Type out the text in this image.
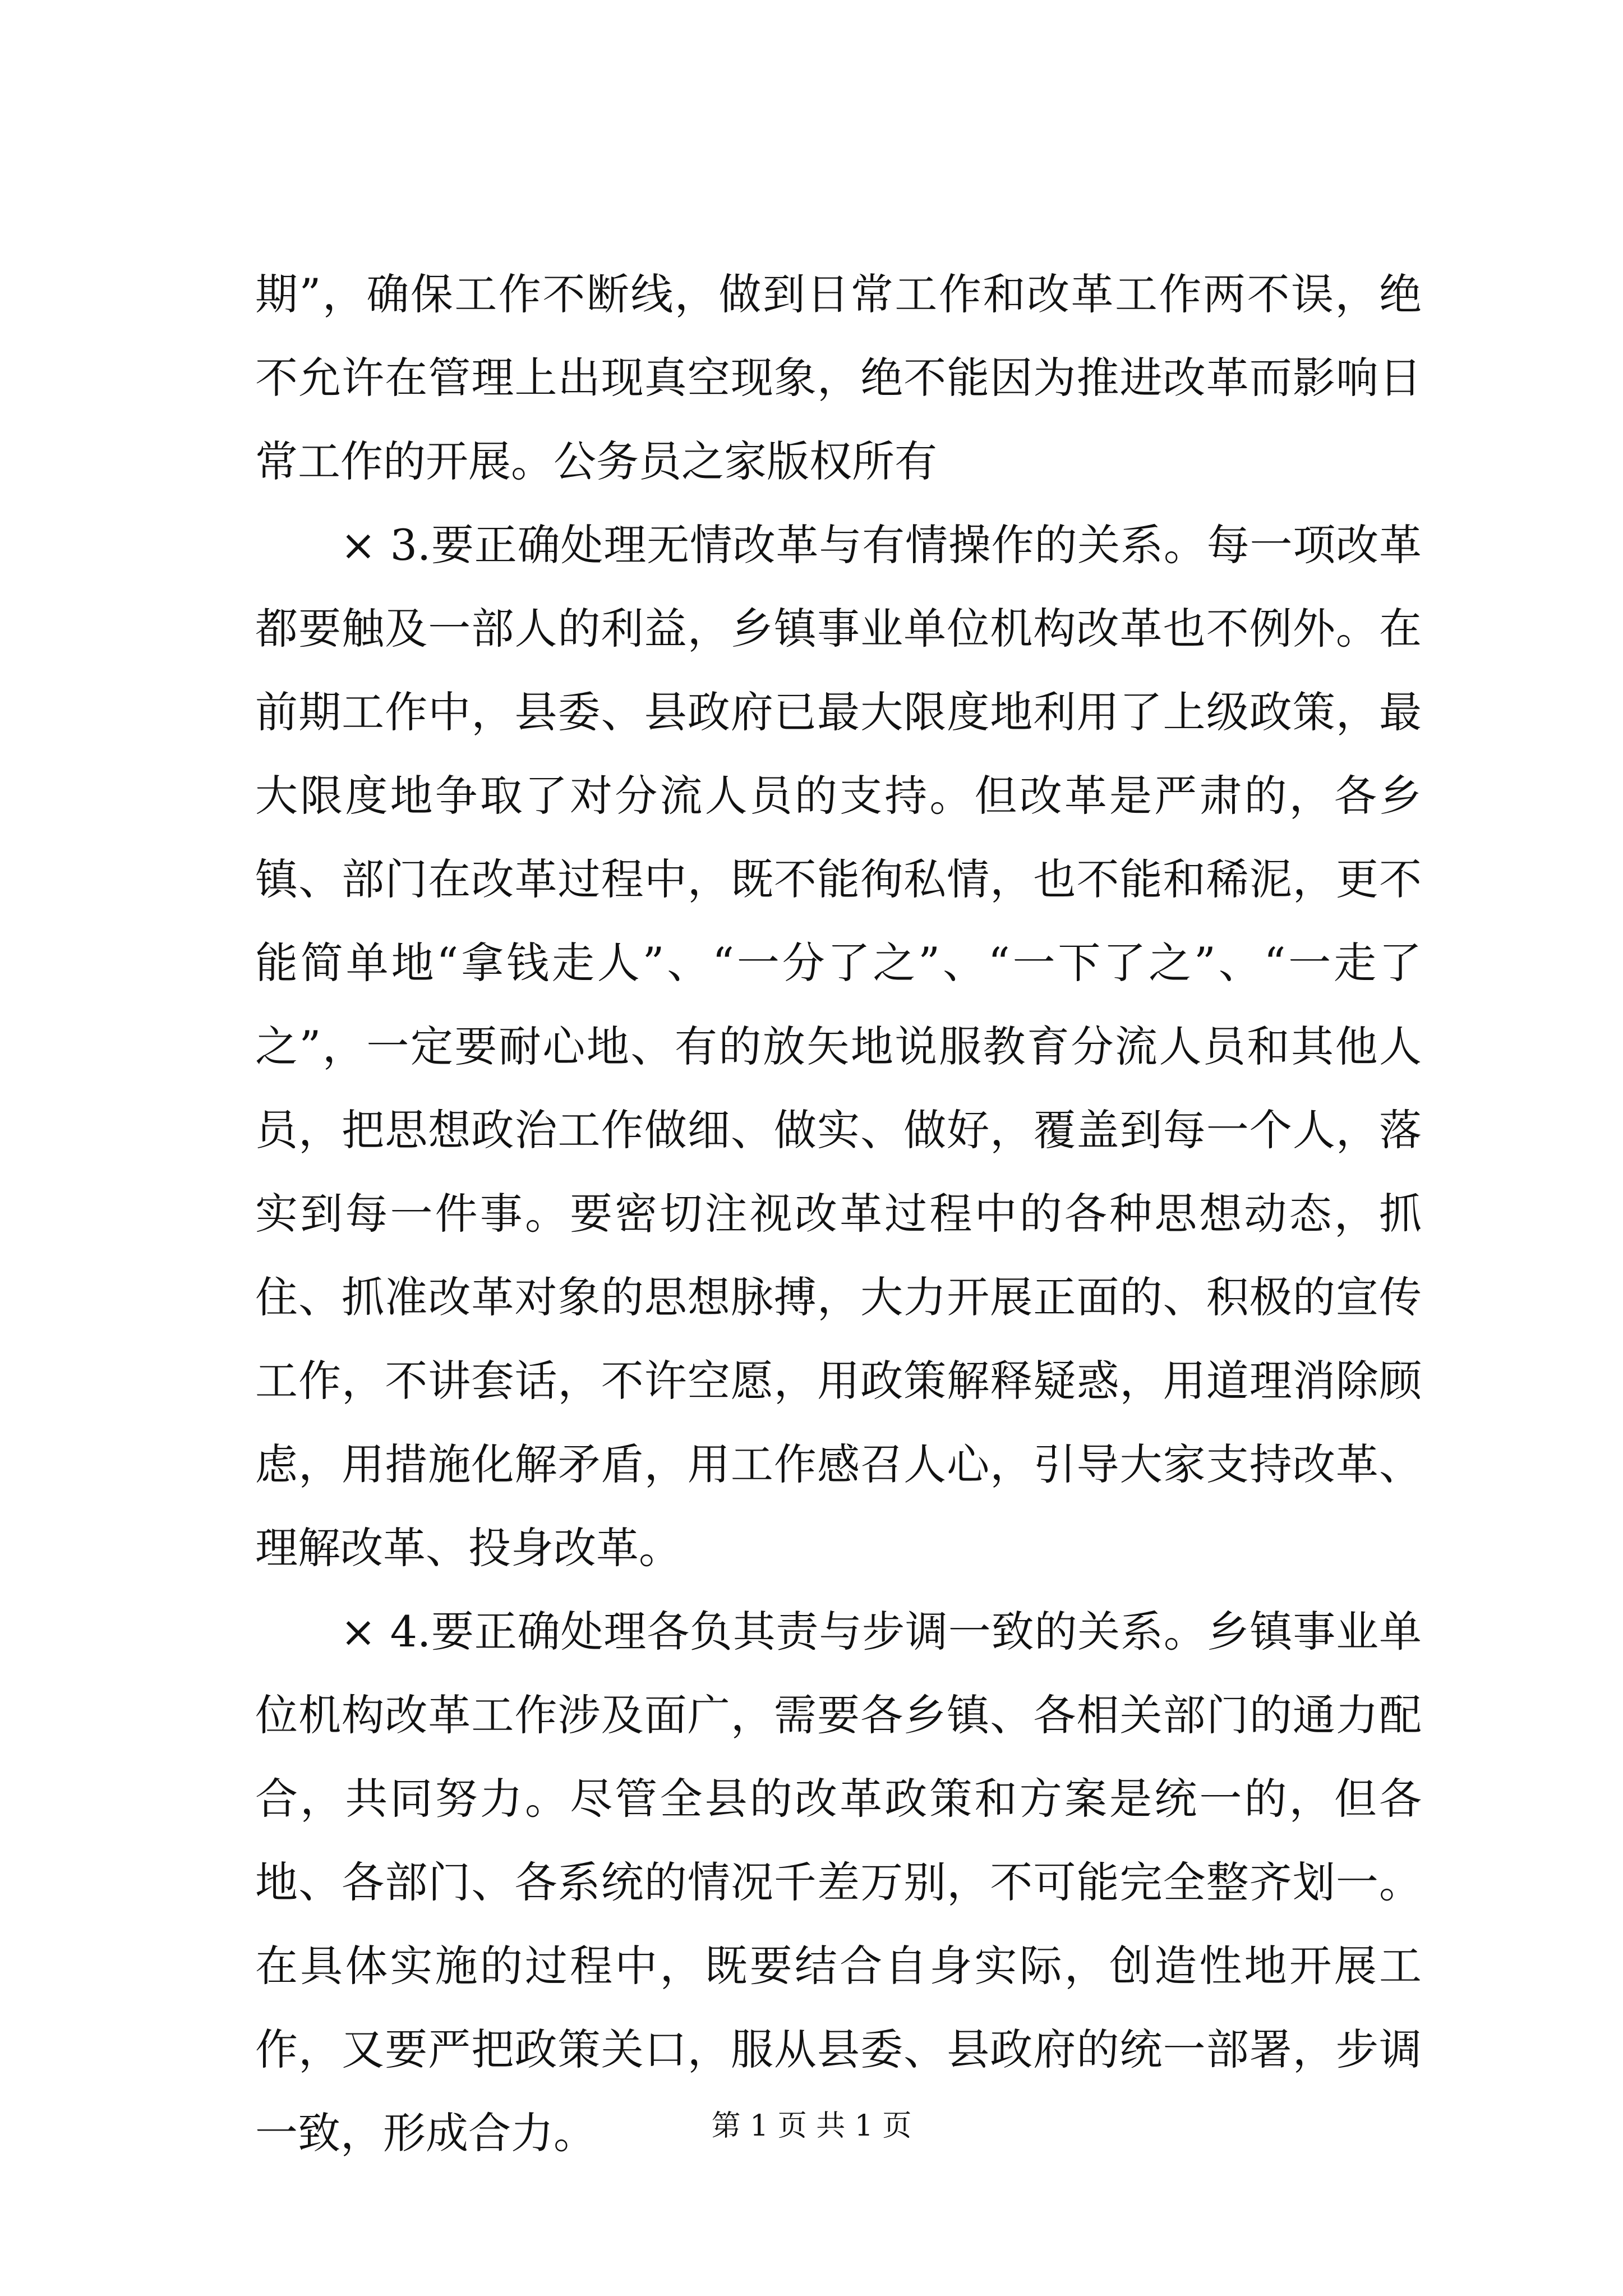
期”，确保工作不断线，做到日常工作和改革工作两不误，绝不允许在管理上出现真空现象，绝不能因为推进改革而影响日常工作的开展。公务员之家版权所有

× 3.要正确处理无情改革与有情操作的关系。每一项改革都要触及一部人的利益，乡镇事业单位机构改革也不例外。在前期工作中，县委、县政府已最大限度地利用了上级政策，最大限度地争取了对分流人员的支持。但改革是严肃的，各乡镇、部门在改革过程中，既不能徇私情，也不能和稀泥，更不能简单地“拿钱走人”、“一分了之”、“一下了之”、“一走了之”，一定要耐心地、有的放矢地说服教育分流人员和其他人员，把思想政治工作做细、做实、做好，覆盖到每一个人，落实到每一件事。要密切注视改革过程中的各种思想动态，抓住、抓准改革对象的思想脉搏，大力开展正面的、积极的宣传工作，不讲套话，不许空愿，用政策解释疑惑，用道理消除顾虑，用措施化解矛盾，用工作感召人心，引导大家支持改革、理解改革、投身改革。

× 4.要正确处理各负其责与步调一致的关系。乡镇事业单位机构改革工作涉及面广，需要各乡镇、各相关部门的通力配合，共同努力。尽管全县的改革政策和方案是统一的，但各地、各部门、各系统的情况千差万别，不可能完全整齐划一。在具体实施的过程中，既要结合自身实际，创造性地开展工作，又要严把政策关口，服从县委、县政府的统一部署，步调一致，形成合力。	第 1 页 共 1 页
